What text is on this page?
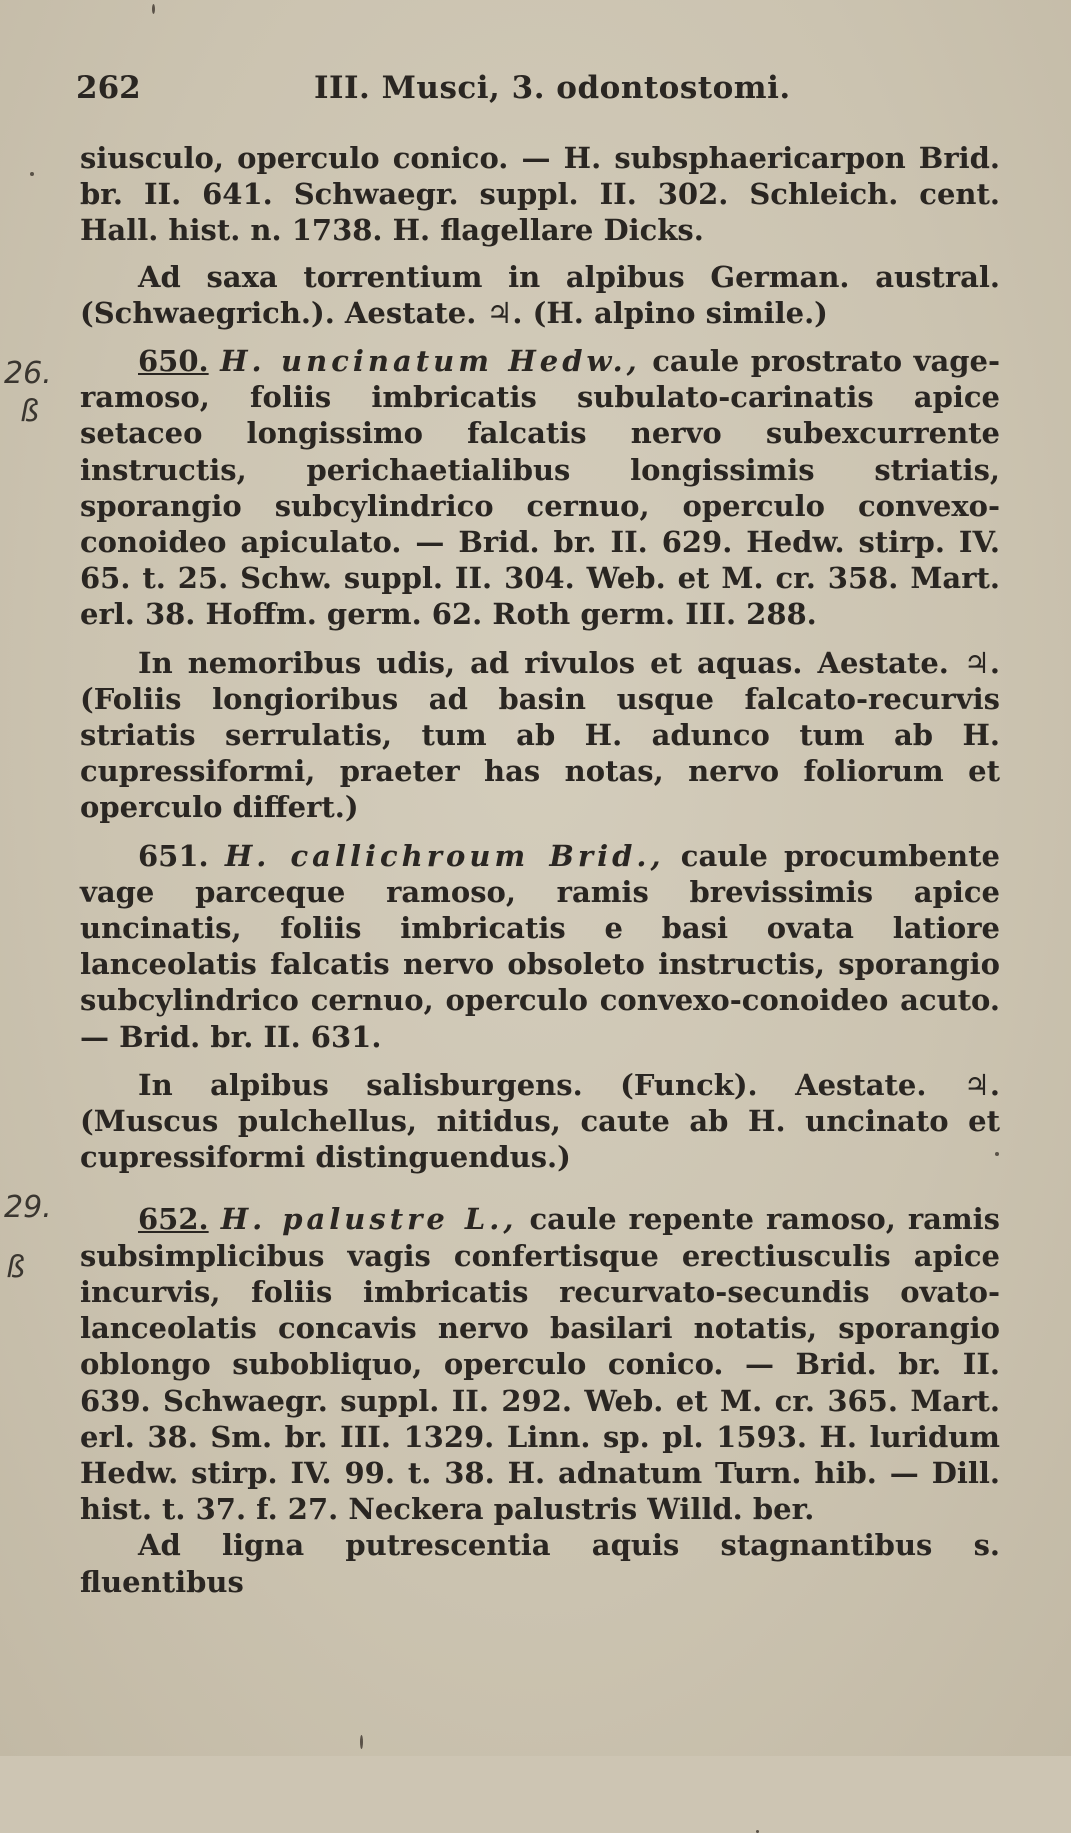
262	III. Musci, 3. odontostomi.
26.
ß
29.
ß

siusculo, operculo conico. — H. subsphaericarpon Brid. br. II. 641. Schwaegr. suppl. II. 302. Schleich. cent. Hall. hist. n. 1738. H. flagellare Dicks.

Ad saxa torrentium in alpibus German. austral. (Schwaegrich.). Aestate. ♃. (H. alpino simile.)

650. H. uncinatum Hedw., caule prostrato vage-ramoso, foliis imbricatis subulato-carinatis apice setaceo longissimo falcatis nervo subexcurrente instructis, perichaetialibus longissimis striatis, sporangio subcylindrico cernuo, operculo convexo-conoideo apiculato. — Brid. br. II. 629. Hedw. stirp. IV. 65. t. 25. Schw. suppl. II. 304. Web. et M. cr. 358. Mart. erl. 38. Hoffm. germ. 62. Roth germ. III. 288.

In nemoribus udis, ad rivulos et aquas. Aestate. ♃. (Foliis longioribus ad basin usque falcato-recurvis striatis serrulatis, tum ab H. adunco tum ab H. cupressiformi, praeter has notas, nervo foliorum et operculo differt.)

651. H. callichroum Brid., caule procumbente vage parceque ramoso, ramis brevissimis apice uncinatis, foliis imbricatis e basi ovata latiore lanceolatis falcatis nervo obsoleto instructis, sporangio subcylindrico cernuo, operculo convexo-conoideo acuto. — Brid. br. II. 631.

In alpibus salisburgens. (Funck). Aestate. ♃. (Muscus pulchellus, nitidus, caute ab H. uncinato et cupressiformi distinguendus.)

652. H. palustre L., caule repente ramoso, ramis subsimplicibus vagis confertisque erectiusculis apice incurvis, foliis imbricatis recurvato-secundis ovato-lanceolatis concavis nervo basilari notatis, sporangio oblongo subobliquo, operculo conico. — Brid. br. II. 639. Schwaegr. suppl. II. 292. Web. et M. cr. 365. Mart. erl. 38. Sm. br. III. 1329. Linn. sp. pl. 1593. H. luridum Hedw. stirp. IV. 99. t. 38. H. adnatum Turn. hib. — Dill. hist. t. 37. f. 27. Neckera palustris Willd. ber.

Ad ligna putrescentia aquis stagnantibus s. fluentibus
